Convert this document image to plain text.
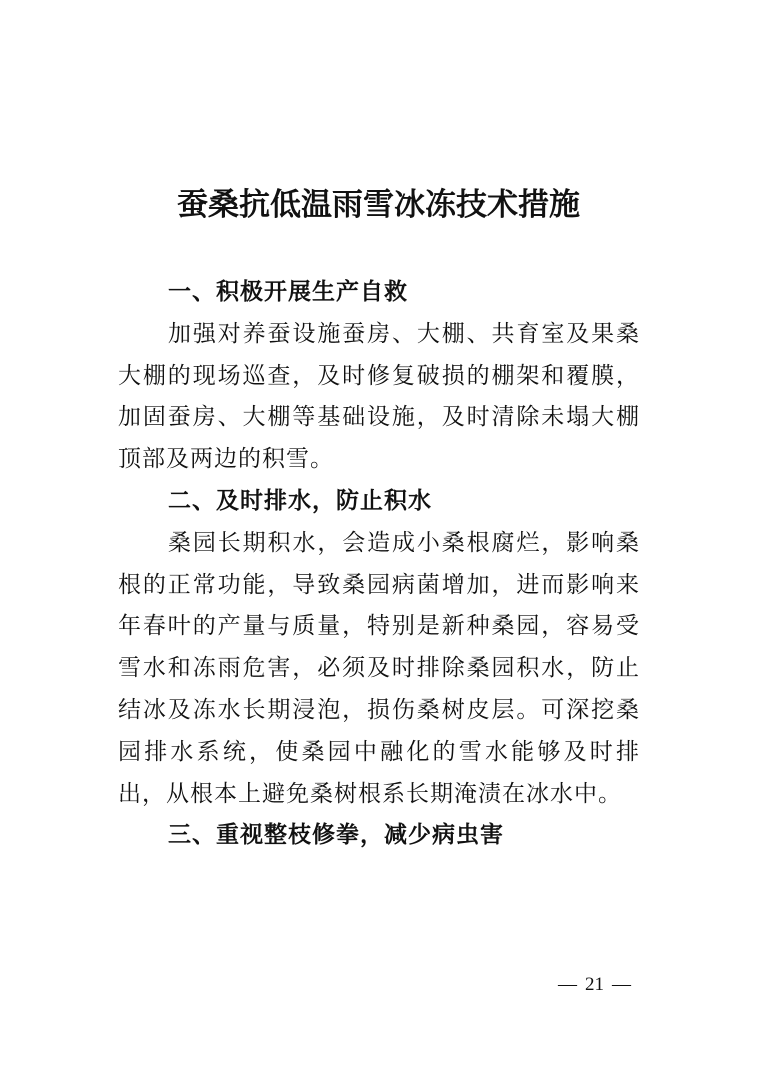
蚕桑抗低温雨雪冰冻技术措施

一、积极开展生产自救

加强对养蚕设施蚕房、大棚、共育室及果桑大棚的现场巡查，及时修复破损的棚架和覆膜，加固蚕房、大棚等基础设施，及时清除未塌大棚顶部及两边的积雪。

二、及时排水，防止积水

桑园长期积水，会造成小桑根腐烂，影响桑根的正常功能，导致桑园病菌增加，进而影响来年春叶的产量与质量，特别是新种桑园，容易受雪水和冻雨危害，必须及时排除桑园积水，防止结冰及冻水长期浸泡，损伤桑树皮层。可深挖桑园排水系统，使桑园中融化的雪水能够及时排出，从根本上避免桑树根系长期淹渍在冰水中。

三、重视整枝修拳，减少病虫害

— 21 —
